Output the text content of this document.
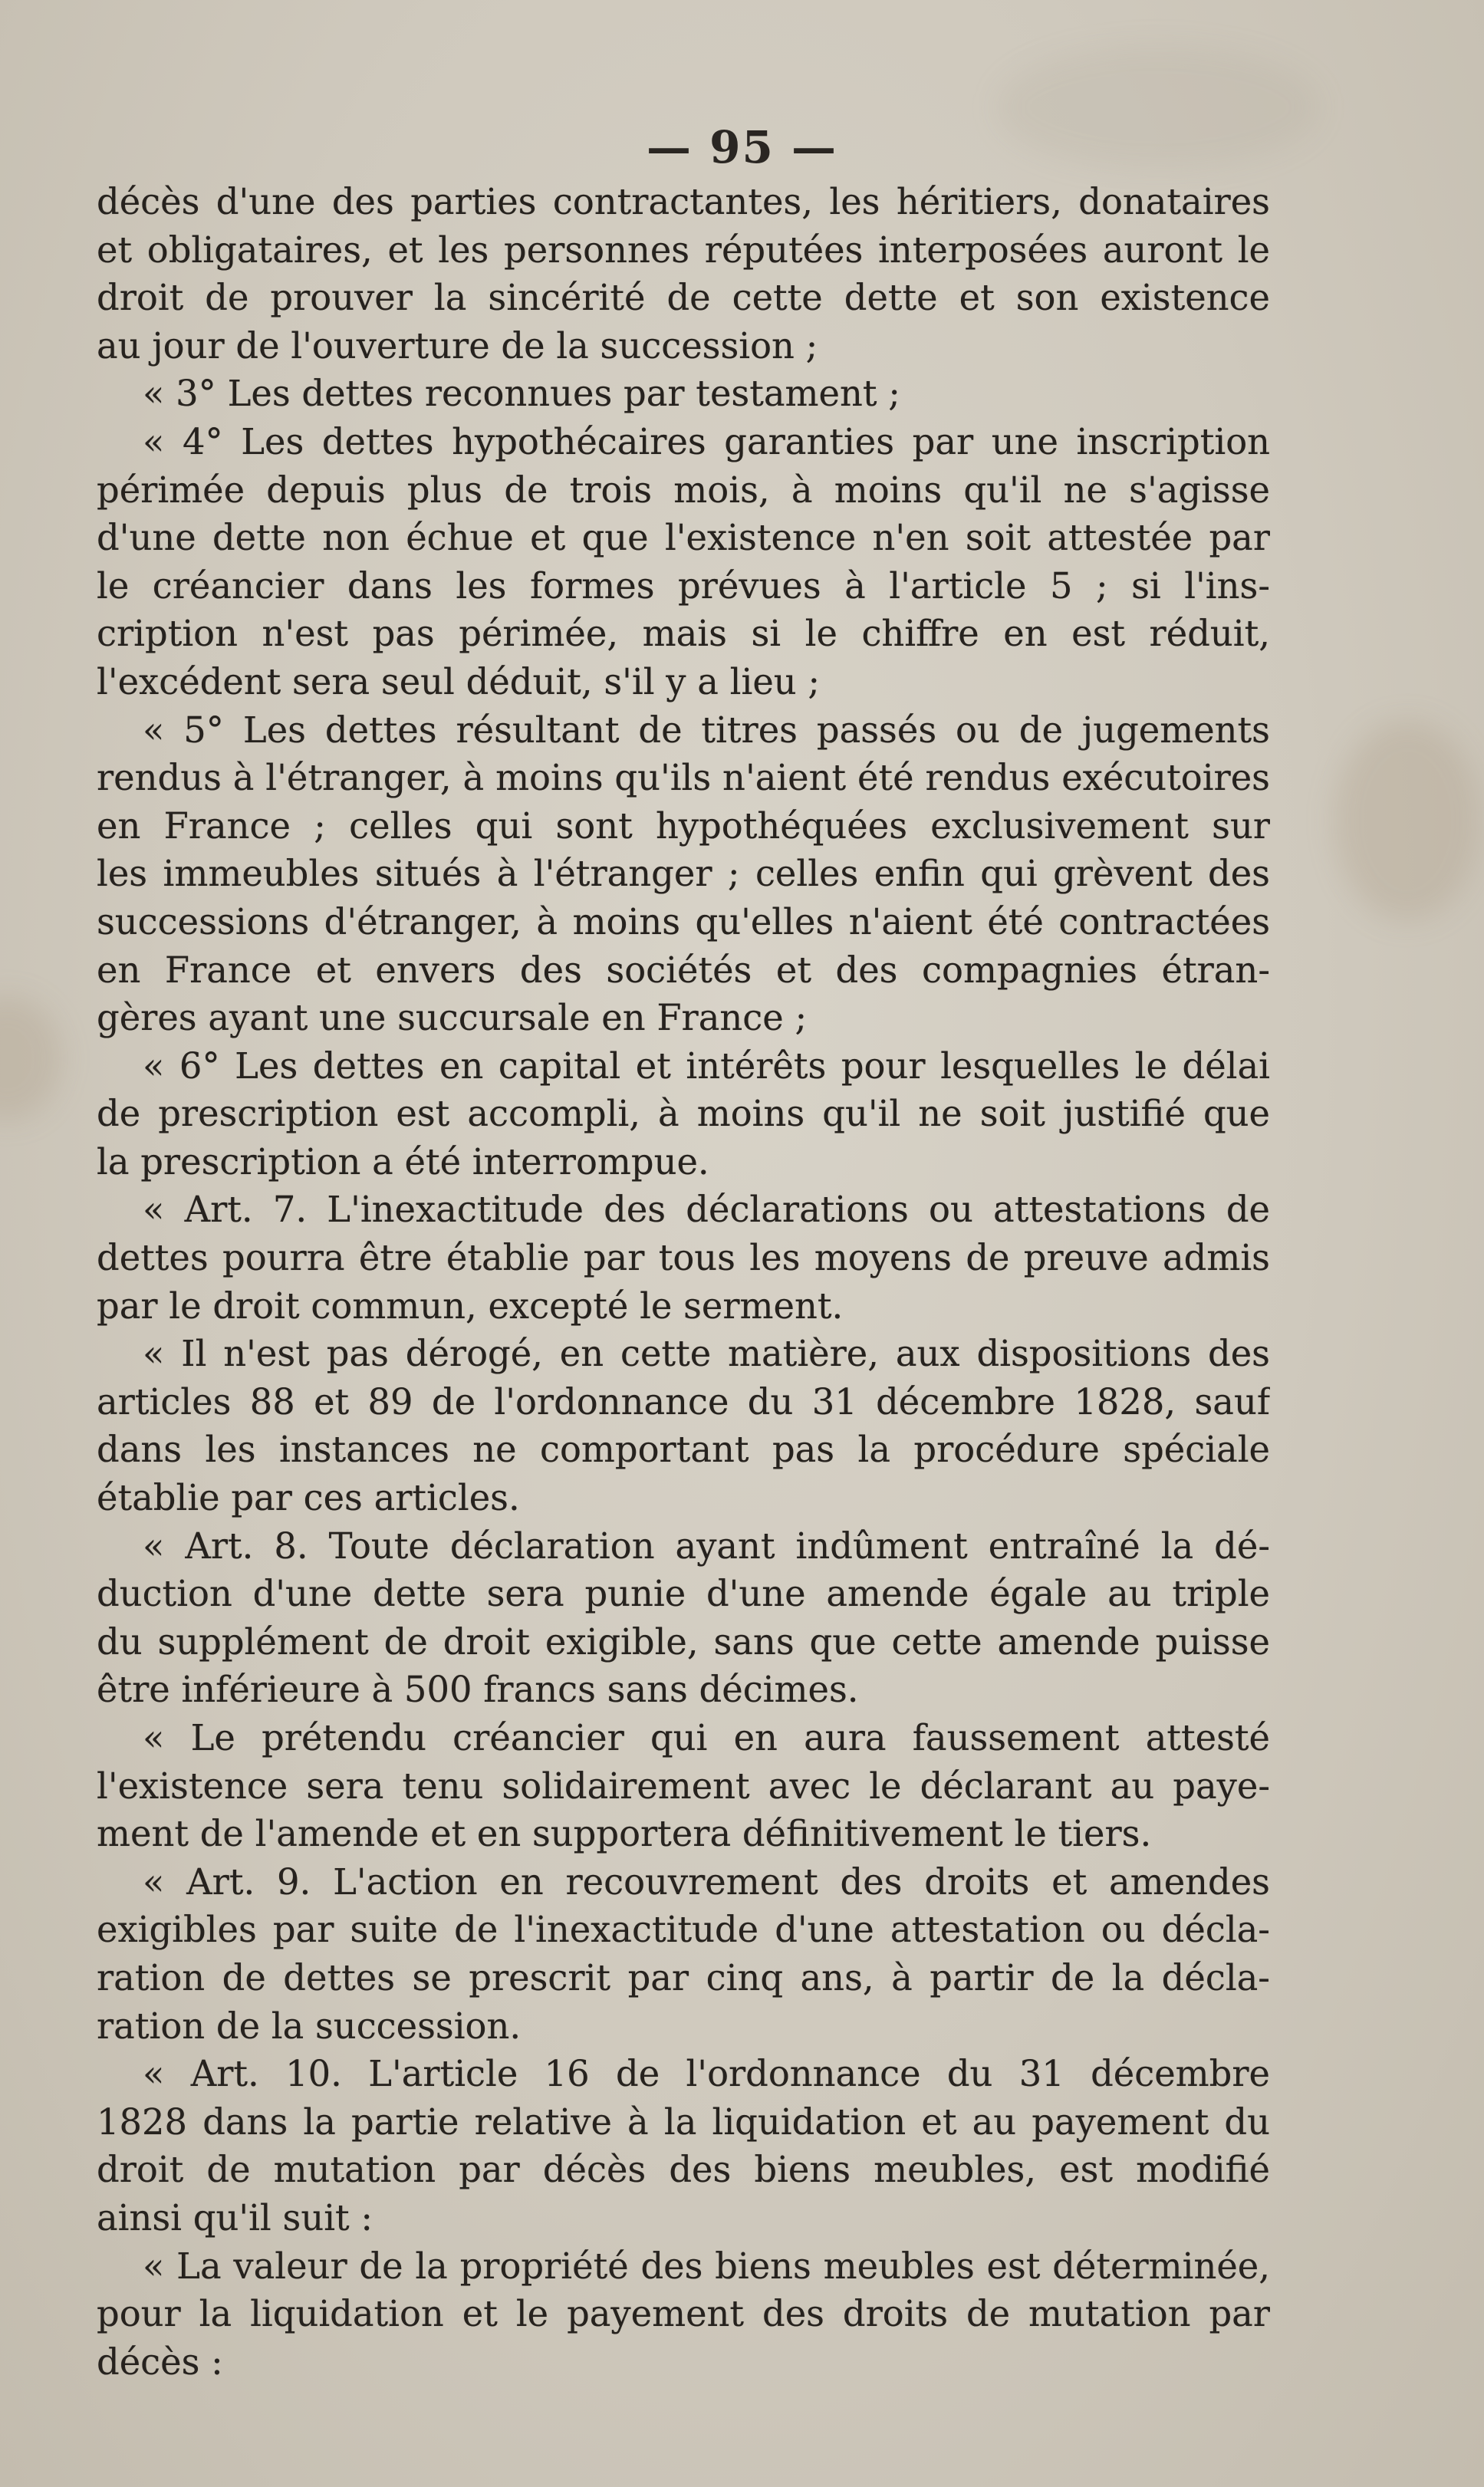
— 95 —
décès d'une des parties contractantes, les héritiers, donataires
et obligataires, et les personnes réputées interposées auront le
droit de prouver la sincérité de cette dette et son existence
au jour de l'ouverture de la succession ;
« 3° Les dettes reconnues par testament ;
« 4° Les dettes hypothécaires garanties par une inscription
périmée depuis plus de trois mois, à moins qu'il ne s'agisse
d'une dette non échue et que l'existence n'en soit attestée par
le créancier dans les formes prévues à l'article 5 ; si l'ins-
cription n'est pas périmée, mais si le chiffre en est réduit,
l'excédent sera seul déduit, s'il y a lieu ;
« 5° Les dettes résultant de titres passés ou de jugements
rendus à l'étranger, à moins qu'ils n'aient été rendus exécutoires
en France ; celles qui sont hypothéquées exclusivement sur
les immeubles situés à l'étranger ; celles enfin qui grèvent des
successions d'étranger, à moins qu'elles n'aient été contractées
en France et envers des sociétés et des compagnies étran-
gères ayant une succursale en France ;
« 6° Les dettes en capital et intérêts pour lesquelles le délai
de prescription est accompli, à moins qu'il ne soit justifié que
la prescription a été interrompue.
« Art. 7. L'inexactitude des déclarations ou attestations de
dettes pourra être établie par tous les moyens de preuve admis
par le droit commun, excepté le serment.
« Il n'est pas dérogé, en cette matière, aux dispositions des
articles 88 et 89 de l'ordonnance du 31 décembre 1828, sauf
dans les instances ne comportant pas la procédure spéciale
établie par ces articles.
« Art. 8. Toute déclaration ayant indûment entraîné la dé-
duction d'une dette sera punie d'une amende égale au triple
du supplément de droit exigible, sans que cette amende puisse
être inférieure à 500 francs sans décimes.
« Le prétendu créancier qui en aura faussement attesté
l'existence sera tenu solidairement avec le déclarant au paye-
ment de l'amende et en supportera définitivement le tiers.
« Art. 9. L'action en recouvrement des droits et amendes
exigibles par suite de l'inexactitude d'une attestation ou décla-
ration de dettes se prescrit par cinq ans, à partir de la décla-
ration de la succession.
« Art. 10. L'article 16 de l'ordonnance du 31 décembre
1828 dans la partie relative à la liquidation et au payement du
droit de mutation par décès des biens meubles, est modifié
ainsi qu'il suit :
« La valeur de la propriété des biens meubles est déterminée,
pour la liquidation et le payement des droits de mutation par
décès :
